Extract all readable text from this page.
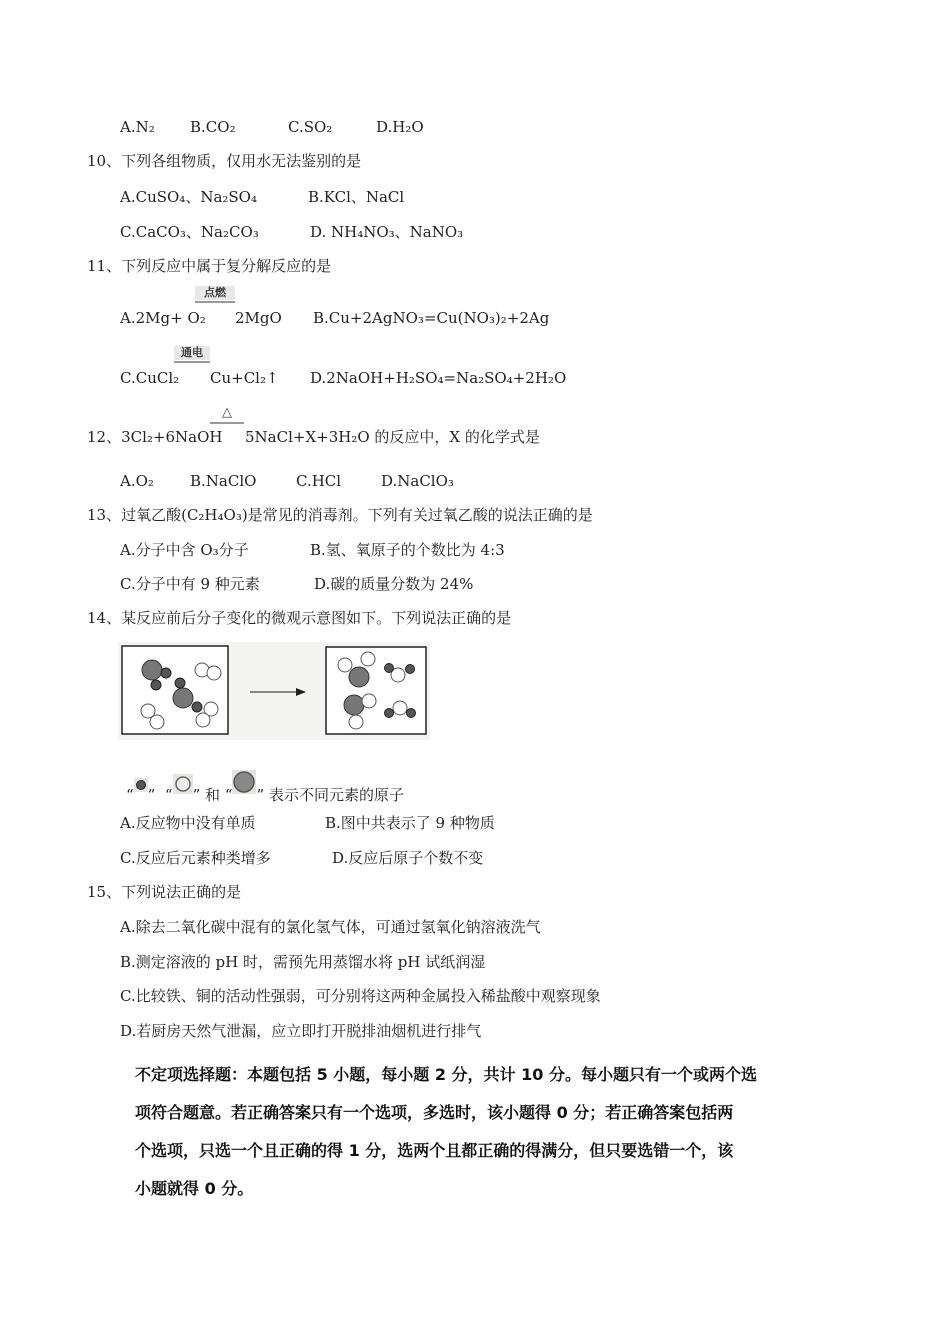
A.N₂ B.CO₂	C.SO₂	D.H₂O
10、下列各组物质，仅用水无法鉴别的是
A.CuSO₄、Na₂SO₄	B.KCl、NaCl
C.CaCO₃、Na₂CO₃	D. NH₄NO₃、NaNO₃
11、下列反应中属于复分解反应的是
A.2Mg+ O₂
点燃
2MgO B.Cu+2AgNO₃=Cu(NO₃)₂+2Ag
C.CuCl₂
通电
Cu+Cl₂↑ D.2NaOH+H₂SO₄=Na₂SO₄+2H₂O
12、3Cl₂+6NaOH
△
5NaCl+X+3H₂O 的反应中，X 的化学式是
A.O₂ B.NaClO	C.HCl	D.NaClO₃
13、过氧乙酸(C₂H₄O₃)是常见的消毒剂。下列有关过氧乙酸的说法正确的是
A.分子中含 O₃分子	B.氢、氧原子的个数比为 4:3
C.分子中有 9 种元素	D.碳的质量分数为 24%
14、某反应前后分子变化的微观示意图如下。下列说法正确的是
“ ” “ ” 和 “ ” 表示不同元素的原子
A.反应物中没有单质	B.图中共表示了 9 种物质
C.反应后元素种类增多	D.反应后原子个数不变
15、下列说法正确的是
A.除去二氧化碳中混有的氯化氢气体，可通过氢氧化钠溶液洗气
B.测定溶液的 pH 时，需预先用蒸馏水将 pH 试纸润湿
C.比较铁、铜的活动性强弱，可分别将这两种金属投入稀盐酸中观察现象
D.若厨房天然气泄漏，应立即打开脱排油烟机进行排气
不定项选择题：本题包括 5 小题，每小题 2 分，共计 10 分。每小题只有一个或两个选
项符合题意。若正确答案只有一个选项，多选时，该小题得 0 分；若正确答案包括两
个选项，只选一个且正确的得 1 分，选两个且都正确的得满分，但只要选错一个，该
小题就得 0 分。
